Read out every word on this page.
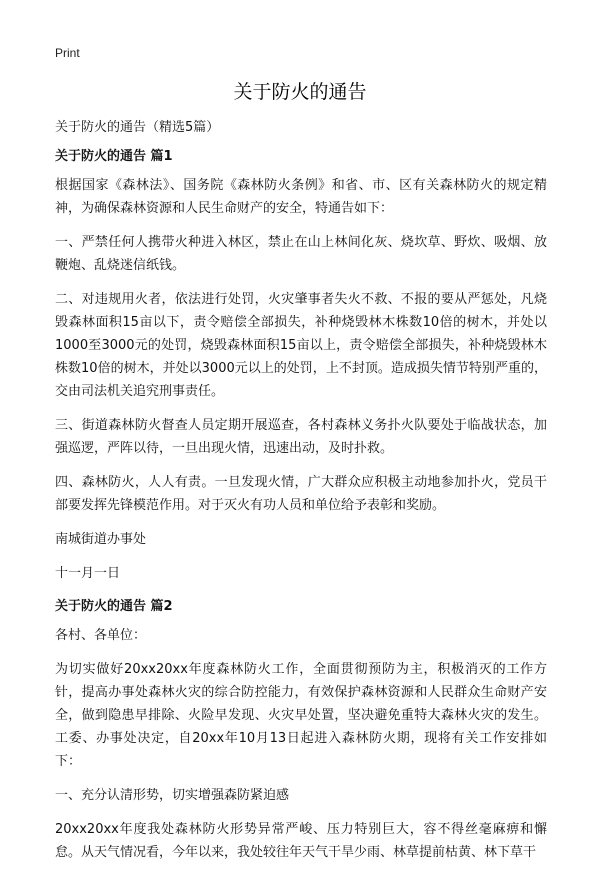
Print
关于防火的通告

关于防火的通告（精选5篇）

关于防火的通告 篇1

根据国家《森林法》、国务院《森林防火条例》和省、市、区有关森林防火的规定精神，为确保森林资源和人民生命财产的安全，特通告如下：

一、严禁任何人携带火种进入林区，禁止在山上林间化灰、烧坎草、野炊、吸烟、放鞭炮、乱烧迷信纸钱。

二、对违规用火者，依法进行处罚，火灾肇事者失火不救、不报的要从严惩处，凡烧毁森林面积15亩以下，责令赔偿全部损失，补种烧毁林木株数10倍的树木，并处以1000至3000元的处罚，烧毁森林面积15亩以上，责令赔偿全部损失，补种烧毁林木株数10倍的树木，并处以3000元以上的处罚，上不封顶。造成损失情节特别严重的，交由司法机关追究刑事责任。

三、街道森林防火督查人员定期开展巡查，各村森林义务扑火队要处于临战状态，加强巡逻，严阵以待，一旦出现火情，迅速出动，及时扑救。

四、森林防火，人人有责。一旦发现火情，广大群众应积极主动地参加扑火，党员干部要发挥先锋模范作用。对于灭火有功人员和单位给予表彰和奖励。

南城街道办事处

十一月一日

关于防火的通告 篇2

各村、各单位：

为切实做好20xx20xx年度森林防火工作，全面贯彻预防为主，积极消灭的工作方针，提高办事处森林火灾的综合防控能力，有效保护森林资源和人民群众生命财产安全，做到隐患早排除、火险早发现、火灾早处置，坚决避免重特大森林火灾的发生。工委、办事处决定，自20xx年10月13日起进入森林防火期，现将有关工作安排如下：

一、充分认清形势，切实增强森防紧迫感

20xx20xx年度我处森林防火形势异常严峻、压力特别巨大，容不得丝毫麻痹和懈怠。从天气情况看，今年以来，我处较往年天气干旱少雨、林草提前枯黄、林下草干
